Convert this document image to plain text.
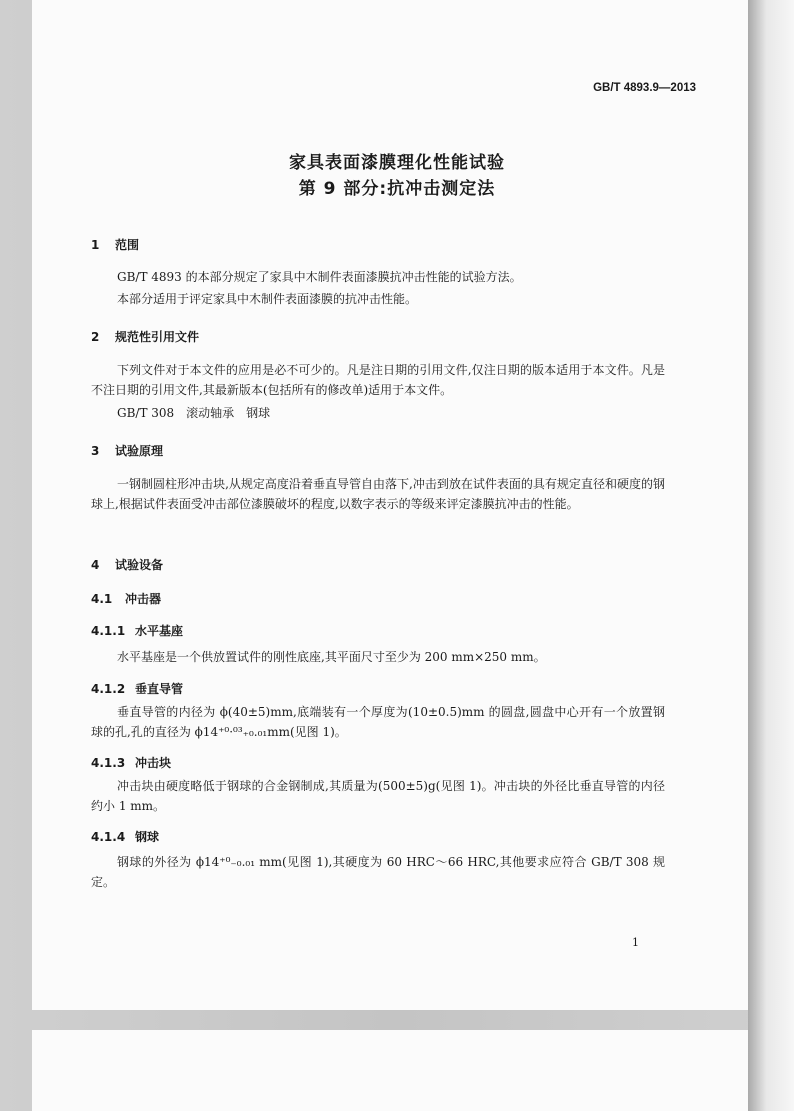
GB/T 4893.9—2013
家具表面漆膜理化性能试验
第 9 部分:抗冲击测定法
1 范围
GB/T 4893 的本部分规定了家具中木制件表面漆膜抗冲击性能的试验方法。
本部分适用于评定家具中木制件表面漆膜的抗冲击性能。
2 规范性引用文件
下列文件对于本文件的应用是必不可少的。凡是注日期的引用文件,仅注日期的版本适用于本文件。凡是不注日期的引用文件,其最新版本(包括所有的修改单)适用于本文件。
GB/T 308　滚动轴承　钢球
3 试验原理
一钢制圆柱形冲击块,从规定高度沿着垂直导管自由落下,冲击到放在试件表面的具有规定直径和硬度的钢球上,根据试件表面受冲击部位漆膜破坏的程度,以数字表示的等级来评定漆膜抗冲击的性能。
4 试验设备
4.1 冲击器
4.1.1 水平基座
水平基座是一个供放置试件的刚性底座,其平面尺寸至少为 200 mm×250 mm。
4.1.2 垂直导管
垂直导管的内径为 ϕ(40±5)mm,底端装有一个厚度为(10±0.5)mm 的圆盘,圆盘中心开有一个放置钢球的孔,孔的直径为 ϕ14⁺⁰·⁰³₊₀.₀₁mm(见图 1)。
4.1.3 冲击块
冲击块由硬度略低于钢球的合金钢制成,其质量为(500±5)g(见图 1)。冲击块的外径比垂直导管的内径约小 1 mm。
4.1.4 钢球
钢球的外径为 ϕ14⁺⁰₋₀.₀₁ mm(见图 1),其硬度为 60 HRC～66 HRC,其他要求应符合 GB/T 308 规定。
1
